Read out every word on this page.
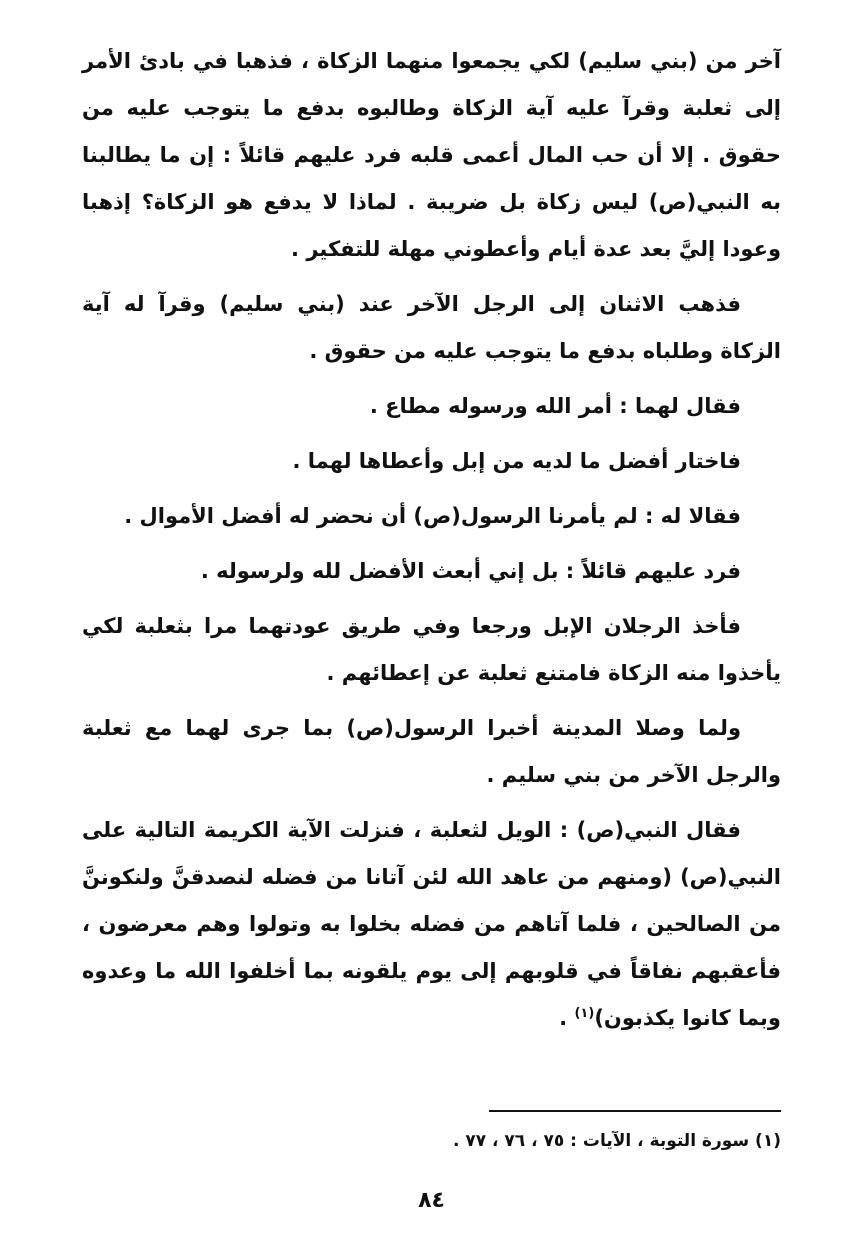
آخر من (بني سليم) لكي يجمعوا منهما الزكاة ، فذهبا في بادئ الأمر إلى ثعلبة وقرآ عليه آية الزكاة وطالبوه بدفع ما يتوجب عليه من حقوق . إلا أن حب المال أعمى قلبه فرد عليهم قائلاً : إن ما يطالبنا به النبي(ص) ليس زكاة بل ضريبة . لماذا لا يدفع هو الزكاة؟ إذهبا وعودا إليَّ بعد عدة أيام وأعطوني مهلة للتفكير .

فذهب الاثنان إلى الرجل الآخر عند (بني سليم) وقرآ له آية الزكاة وطلباه بدفع ما يتوجب عليه من حقوق .

فقال لهما : أمر الله ورسوله مطاع .

فاختار أفضل ما لديه من إبل وأعطاها لهما .

فقالا له : لم يأمرنا الرسول(ص) أن نحضر له أفضل الأموال .

فرد عليهم قائلاً : بل إني أبعث الأفضل لله ولرسوله .

فأخذ الرجلان الإبل ورجعا وفي طريق عودتهما مرا بثعلبة لكي يأخذوا منه الزكاة فامتنع ثعلبة عن إعطائهم .

ولما وصلا المدينة أخبرا الرسول(ص) بما جرى لهما مع ثعلبة والرجل الآخر من بني سليم .

فقال النبي(ص) : الويل لثعلبة ، فنزلت الآية الكريمة التالية على النبي(ص) (ومنهم من عاهد الله لئن آتانا من فضله لنصدقنَّ ولنكوننَّ من الصالحين ، فلما آتاهم من فضله بخلوا به وتولوا وهم معرضون ، فأعقبهم نفاقاً في قلوبهم إلى يوم يلقونه بما أخلفوا الله ما وعدوه وبما كانوا يكذبون)$^{(١)}$ .

(١) سورة التوبة ، الآيات : ٧٥ ، ٧٦ ، ٧٧ .
٨٤
